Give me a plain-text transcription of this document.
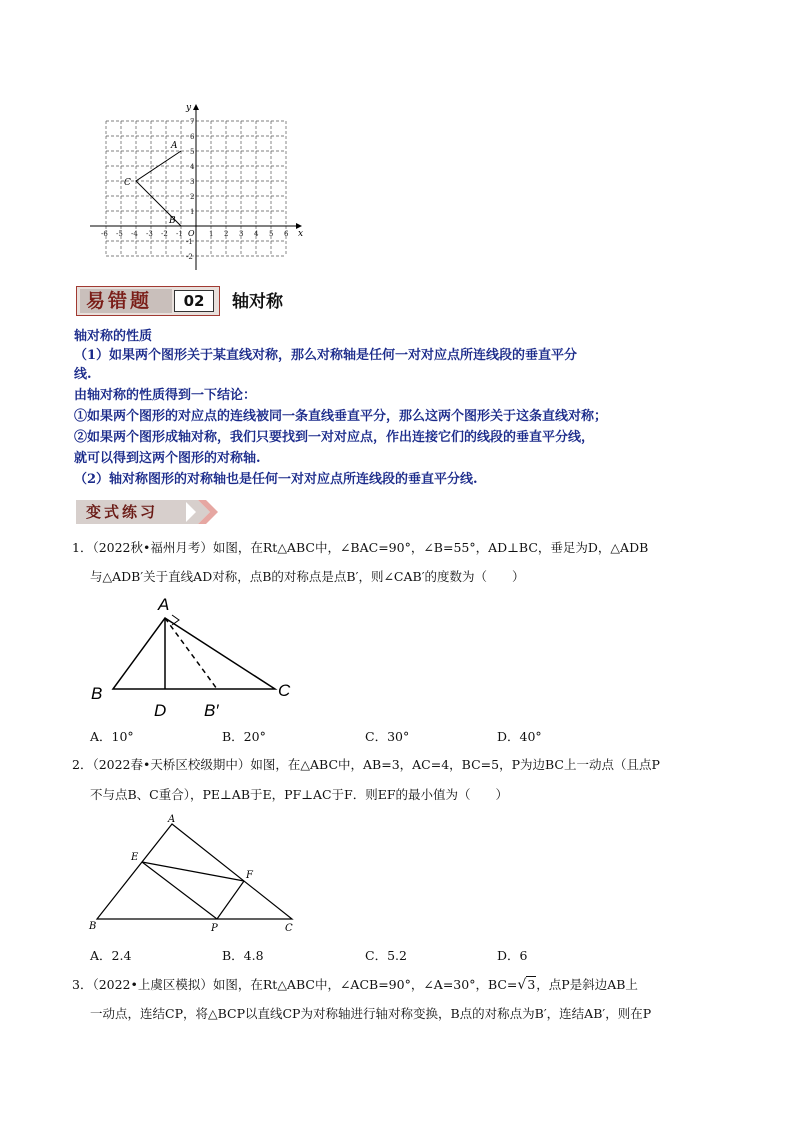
x
y
O
-6 -5 -4 -3 -2 -1	1 2 3 4 5 6
7
6
5
4
3
2
1
-1
-2
A
B
C
易错题	02	轴对称
轴对称的性质
（1）如果两个图形关于某直线对称，那么对称轴是任何一对对应点所连线段的垂直平分
线.
由轴对称的性质得到一下结论：
①如果两个图形的对应点的连线被同一条直线垂直平分，那么这两个图形关于这条直线对称；
②如果两个图形成轴对称，我们只要找到一对对应点，作出连接它们的线段的垂直平分线，
就可以得到这两个图形的对称轴.
（2）轴对称图形的对称轴也是任何一对对应点所连线段的垂直平分线.
变式练习
1．（2022秋•福州月考）如图，在Rt△ABC中，∠BAC=90°，∠B=55°，AD⊥BC，垂足为D，△ADB
与△ADB′关于直线AD对称，点B的对称点是点B′，则∠CAB′的度数为（　　）
A
B	C
D B′
A．10°	B．20°	C．30°	D．40°
2．（2022春•天桥区校级期中）如图，在△ABC中，AB=3，AC=4，BC=5，P为边BC上一动点（且点P
不与点B、C重合），PE⊥AB于E，PF⊥AC于F．则EF的最小值为（　　）
A
B	C
E
F
P
A．2.4	B．4.8	C．5.2	D．6
3．（2022•上虞区模拟）如图，在Rt△ABC中，∠ACB=90°，∠A=30°，BC=√3，点P是斜边AB上
一动点，连结CP，将△BCP以直线CP为对称轴进行轴对称变换，B点的对称点为B′，连结AB′，则在P
